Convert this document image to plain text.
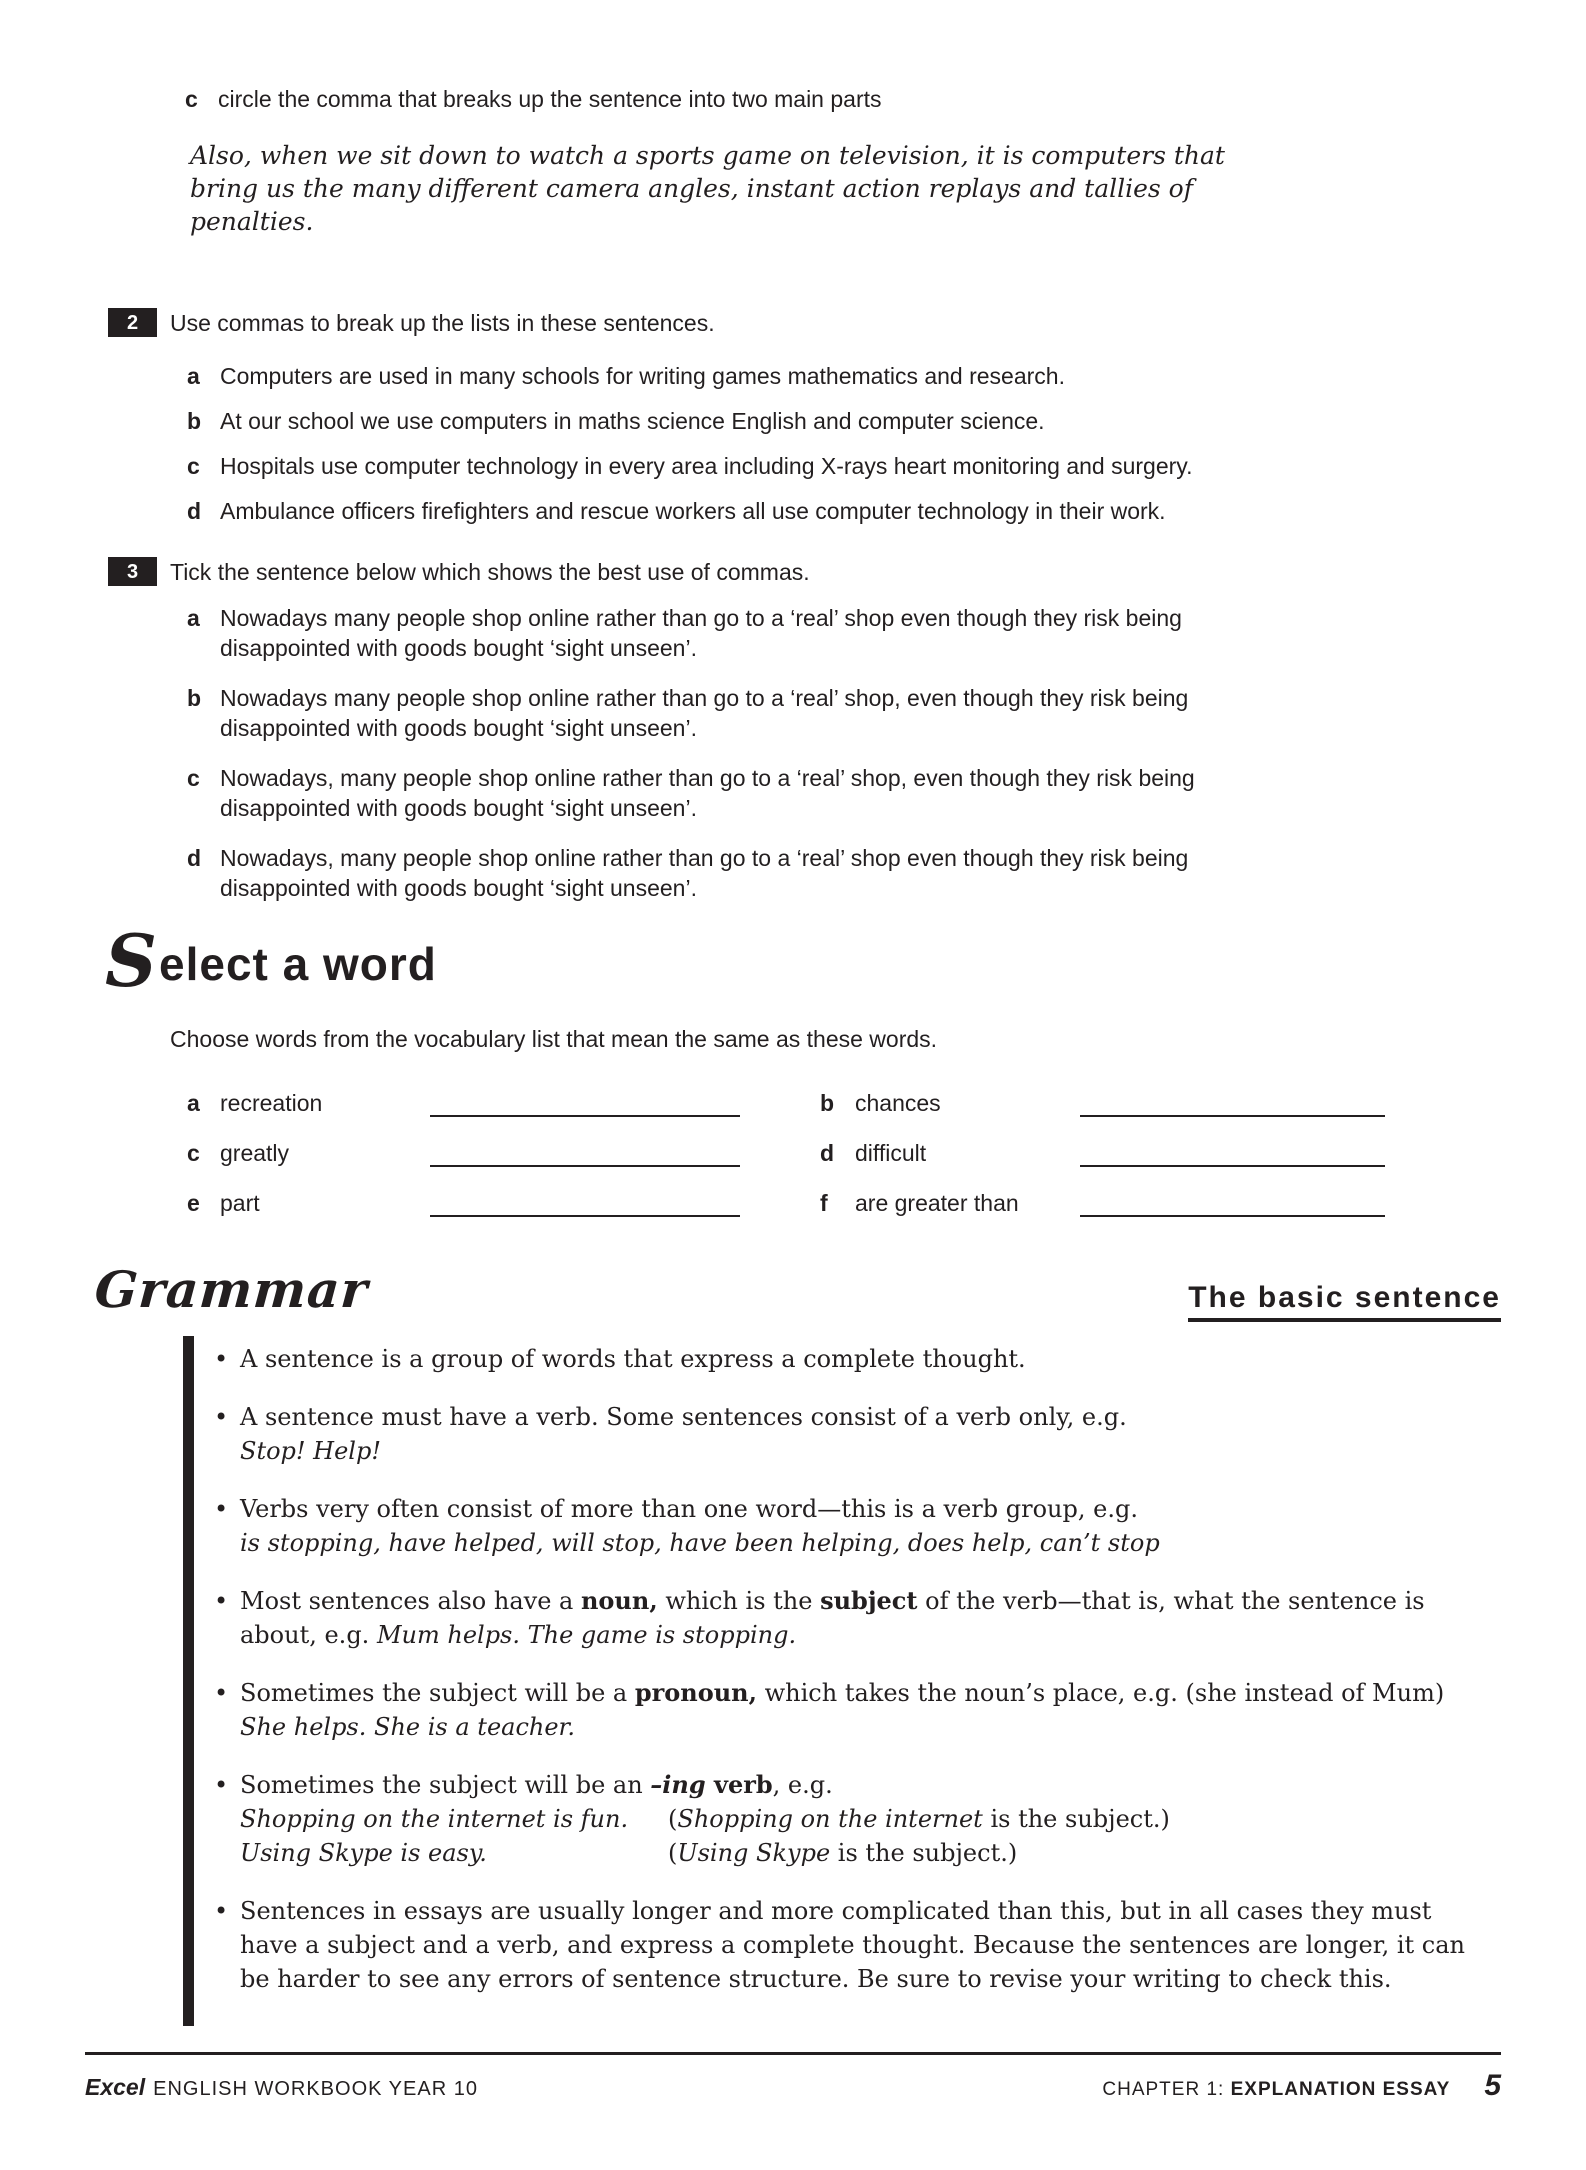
c circle the comma that breaks up the sentence into two main parts

Also, when we sit down to watch a sports game on television, it is computers that bring us the many different camera angles, instant action replays and tallies of penalties.

2	Use commas to break up the lists in these sentences.
a Computers are used in many schools for writing games mathematics and research.
b At our school we use computers in maths science English and computer science.
c Hospitals use computer technology in every area including X-rays heart monitoring and surgery.
d Ambulance officers firefighters and rescue workers all use computer technology in their work.
3	Tick the sentence below which shows the best use of commas.
a Nowadays many people shop online rather than go to a ‘real’ shop even though they risk being disappointed with goods bought ‘sight unseen’.
b Nowadays many people shop online rather than go to a ‘real’ shop, even though they risk being disappointed with goods bought ‘sight unseen’.
c Nowadays, many people shop online rather than go to a ‘real’ shop, even though they risk being disappointed with goods bought ‘sight unseen’.
d Nowadays, many people shop online rather than go to a ‘real’ shop even though they risk being disappointed with goods bought ‘sight unseen’.
Select a word

Choose words from the vocabulary list that mean the same as these words.

a recreation	b chances
c greatly	d difficult
e part	f	are greater than
Grammar	The basic sentence
• A sentence is a group of words that express a complete thought.
• A sentence must have a verb. Some sentences consist of a verb only, e.g.
Stop! Help!
• Verbs very often consist of more than one word—this is a verb group, e.g.
is stopping, have helped, will stop, have been helping, does help, can’t stop
• Most sentences also have a noun, which is the subject of the verb—that is, what the sentence is about, e.g. Mum helps. The game is stopping.
• Sometimes the subject will be a pronoun, which takes the noun’s place, e.g. (she instead of Mum)
She helps. She is a teacher.
• Sometimes the subject will be an –ing verb, e.g.
Shopping on the internet is fun.	(Shopping on the internet is the subject.)
Using Skype is easy.	(Using Skype is the subject.)
• Sentences in essays are usually longer and more complicated than this, but in all cases they must have a subject and a verb, and express a complete thought. Because the sentences are longer, it can be harder to see any errors of sentence structure. Be sure to revise your writing to check this.
Excel ENGLISH WORKBOOK YEAR 10	CHAPTER 1: EXPLANATION ESSAY 5
